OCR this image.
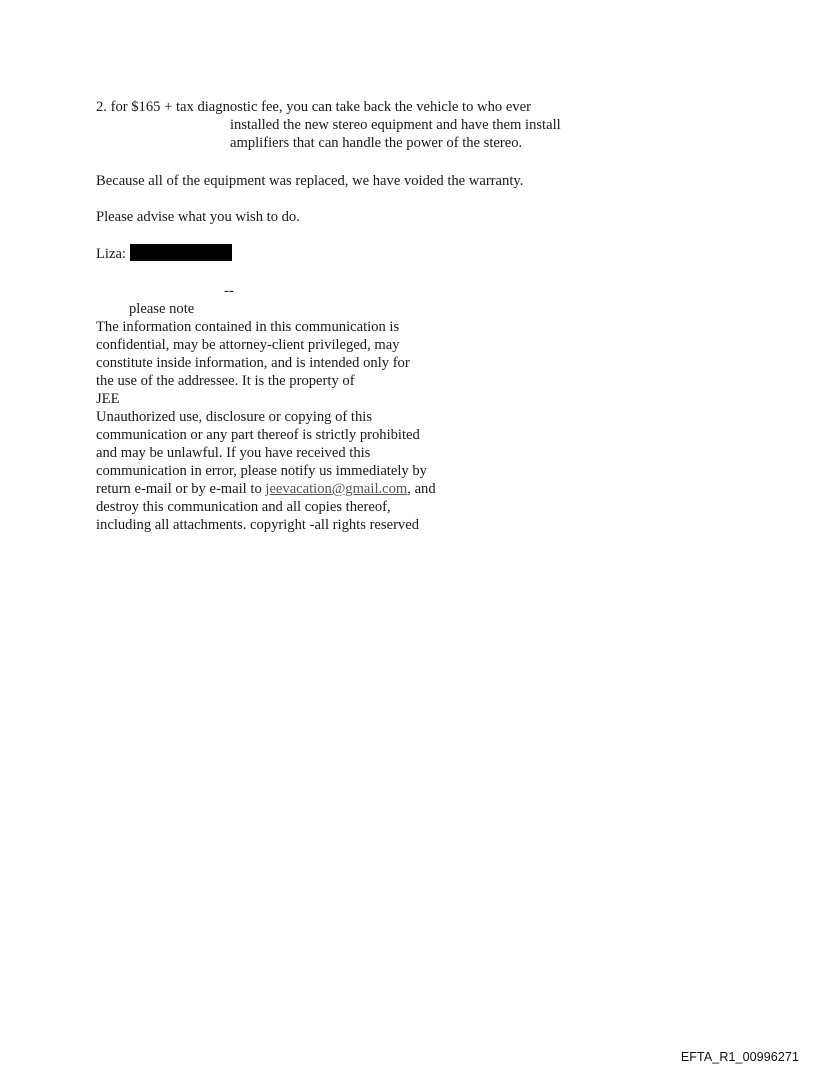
2. for $165 + tax diagnostic fee, you can take back the vehicle to who ever
installed the new stereo equipment and have them install
amplifiers that can handle the power of the stereo.
Because all of the equipment was replaced, we have voided the warranty.
Please advise what you wish to do.
Liza:
--
please note
The information contained in this communication is
confidential, may be attorney-client privileged, may
constitute inside information, and is intended only for
the use of the addressee. It is the property of
JEE
Unauthorized use, disclosure or copying of this
communication or any part thereof is strictly prohibited
and may be unlawful. If you have received this
communication in error, please notify us immediately by
return e-mail or by e-mail to jeevacation@gmail.com, and
destroy this communication and all copies thereof,
including all attachments. copyright -all rights reserved
EFTA_R1_00996271
